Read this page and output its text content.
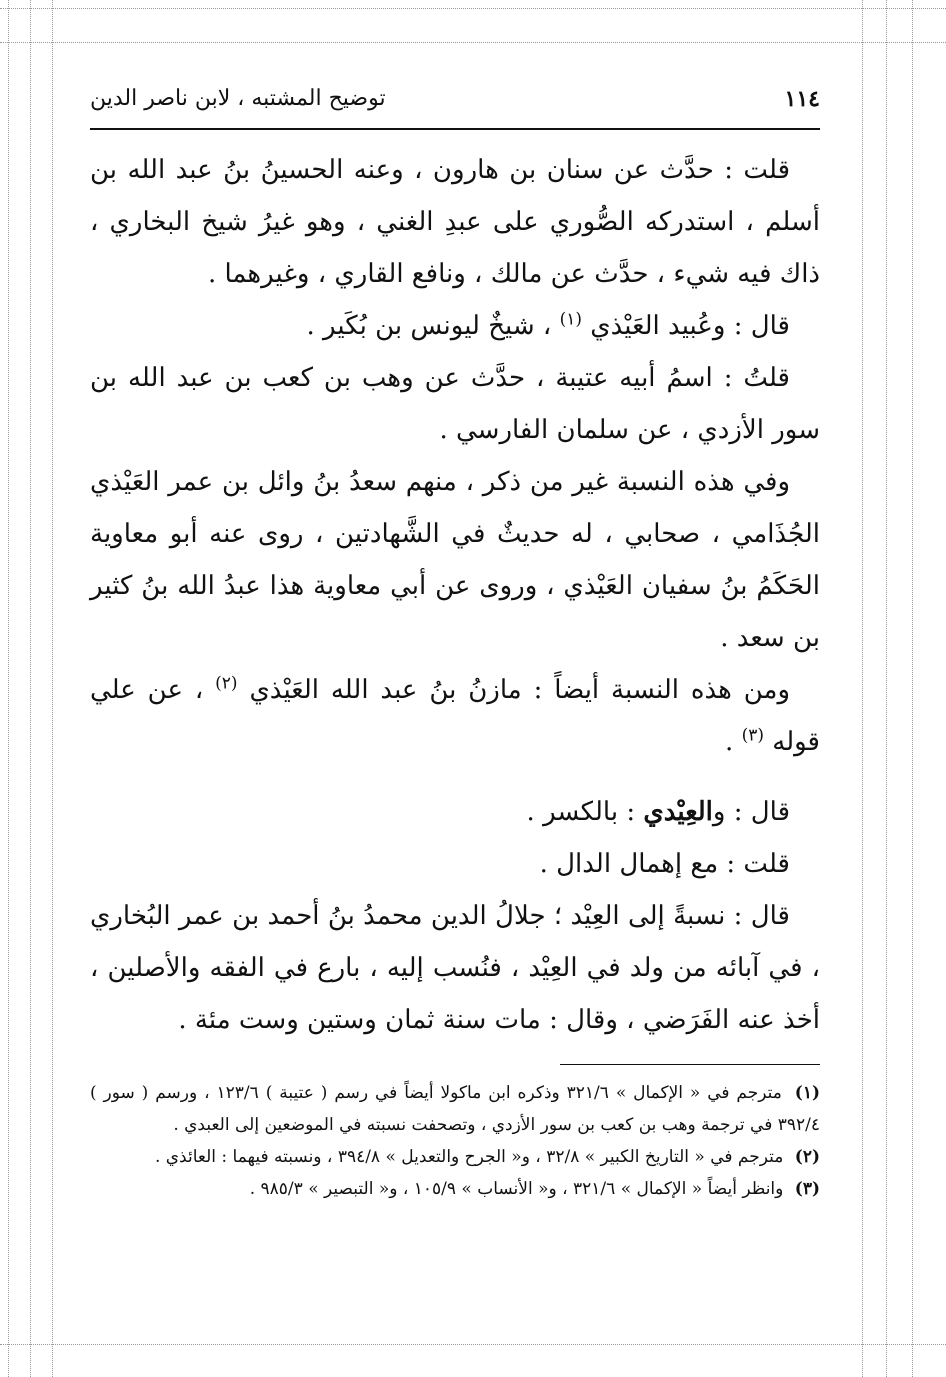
١١٤
توضيح المشتبه ، لابن ناصر الدين

قلت : حدَّث عن سنان بن هارون ، وعنه الحسينُ بنُ عبد الله بن أسلم ، استدركه الصُّوري على عبدِ الغني ، وهو غيرُ شيخ البخاري ، ذاك فيه شيء ، حدَّث عن مالك ، ونافع القاري ، وغيرهما .

قال : وعُبيد العَيْذي $^{(١)}$ ، شيخٌ ليونس بن بُكَير .

قلتُ : اسمُ أبيه عتيبة ، حدَّث عن وهب بن كعب بن عبد الله بن سور الأزدي ، عن سلمان الفارسي .

وفي هذه النسبة غير من ذكر ، منهم سعدُ بنُ وائل بن عمر العَيْذي الجُذَامي ، صحابي ، له حديثٌ في الشَّهادتين ، روى عنه أبو معاوية الحَكَمُ بنُ سفيان العَيْذي ، وروى عن أبي معاوية هذا عبدُ الله بنُ كثير بن سعد .

ومن هذه النسبة أيضاً : مازنُ بنُ عبد الله العَيْذي $^{(٢)}$ ، عن علي قوله $^{(٣)}$ .

قال : والعِيْدي : بالكسر .

قلت : مع إهمال الدال .

قال : نسبةً إلى العِيْد ؛ جلالُ الدين محمدُ بنُ أحمد بن عمر البُخاري ، في آبائه من ولد في العِيْد ، فنُسب إليه ، بارع في الفقه والأصلين ، أخذ عنه الفَرَضي ، وقال : مات سنة ثمان وستين وست مئة .

(١) مترجم في « الإكمال » ٣٢١/٦ وذكره ابن ماكولا أيضاً في رسم ( عتيبة ) ١٢٣/٦ ، ورسم ( سور ) ٣٩٢/٤ في ترجمة وهب بن كعب بن سور الأزدي ، وتصحفت نسبته في الموضعين إلى العبدي .

(٢) مترجم في « التاريخ الكبير » ٣٢/٨ ، و« الجرح والتعديل » ٣٩٤/٨ ، ونسبته فيهما : العائذي .

(٣) وانظر أيضاً « الإكمال » ٣٢١/٦ ، و« الأنساب » ١٠٥/٩ ، و« التبصير » ٩٨٥/٣ .
